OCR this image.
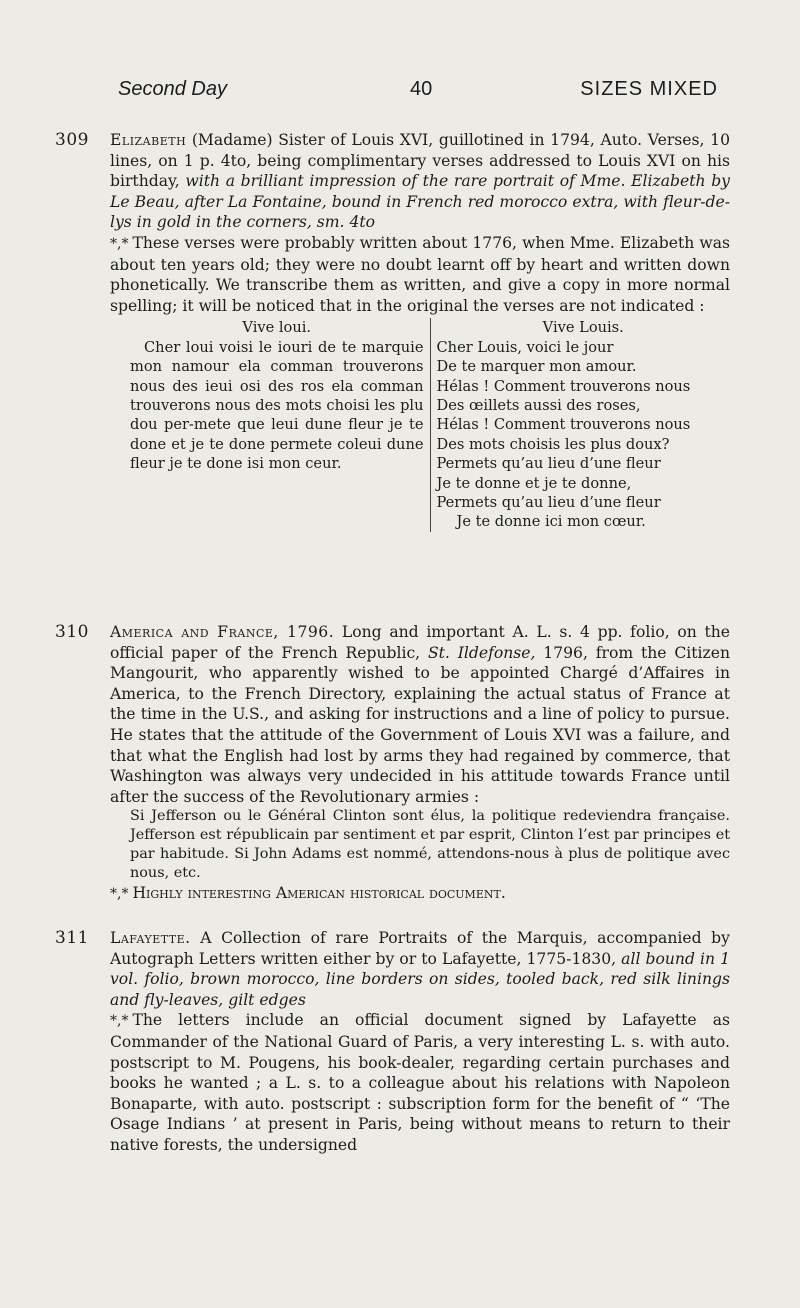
Second Day	40	SIZES MIXED
309 Elizabeth (Madame) Sister of Louis XVI, guillotined in 1794, Auto. Verses, 10 lines, on 1 p. 4to, being complimentary verses addressed to Louis XVI on his birthday, with a brilliant impression of the rare portrait of Mme. Elizabeth by Le Beau, after La Fontaine, bound in French red morocco extra, with fleur-de-lys in gold in the corners, sm. 4to
*,* These verses were probably written about 1776, when Mme. Elizabeth was about ten years old; they were no doubt learnt off by heart and written down phonetically. We transcribe them as written, and give a copy in more normal spelling; it will be noticed that in the original the verses are not indicated :
Vive loui.
Cher loui voisi le iouri de te marquie mon namour ela comman trouverons nous des ieui osi des ros ela comman trouverons nous des mots choisi les plu dou per-mete que leui dune fleur je te done et je te done permete coleui dune fleur je te done isi mon ceur.
Vive Louis.
Cher Louis, voici le jour
De te marquer mon amour.
Hélas ! Comment trouverons nous
Des œillets aussi des roses,
Hélas ! Comment trouverons nous
Des mots choisis les plus doux?
Permets qu’au lieu d’une fleur
Je te donne et je te donne,
Permets qu’au lieu d’une fleur
Je te donne ici mon cœur.
310 America and France, 1796. Long and important A. L. s. 4 pp. folio, on the official paper of the French Republic, St. Ildefonse, 1796, from the Citizen Mangourit, who apparently wished to be appointed Chargé d’Affaires in America, to the French Directory, explaining the actual status of France at the time in the U.S., and asking for instructions and a line of policy to pursue. He states that the attitude of the Government of Louis XVI was a failure, and that what the English had lost by arms they had regained by commerce, that Washington was always very undecided in his attitude towards France until after the success of the Revolutionary armies :
Si Jefferson ou le Général Clinton sont élus, la politique redeviendra française. Jefferson est républicain par sentiment et par esprit, Clinton l’est par principes et par habitude. Si John Adams est nommé, attendons-nous à plus de politique avec nous, etc.
*,* Highly interesting American historical document.
311 Lafayette. A Collection of rare Portraits of the Marquis, accompanied by Autograph Letters written either by or to Lafayette, 1775-1830, all bound in 1 vol. folio, brown morocco, line borders on sides, tooled back, red silk linings and fly-leaves, gilt edges
*,* The letters include an official document signed by Lafayette as Commander of the National Guard of Paris, a very interesting L. s. with auto. postscript to M. Pougens, his book-dealer, regarding certain purchases and books he wanted ; a L. s. to a colleague about his relations with Napoleon Bonaparte, with auto. postscript : subscription form for the benefit of “ ‘The Osage Indians ’ at present in Paris, being without means to return to their native forests, the undersigned
